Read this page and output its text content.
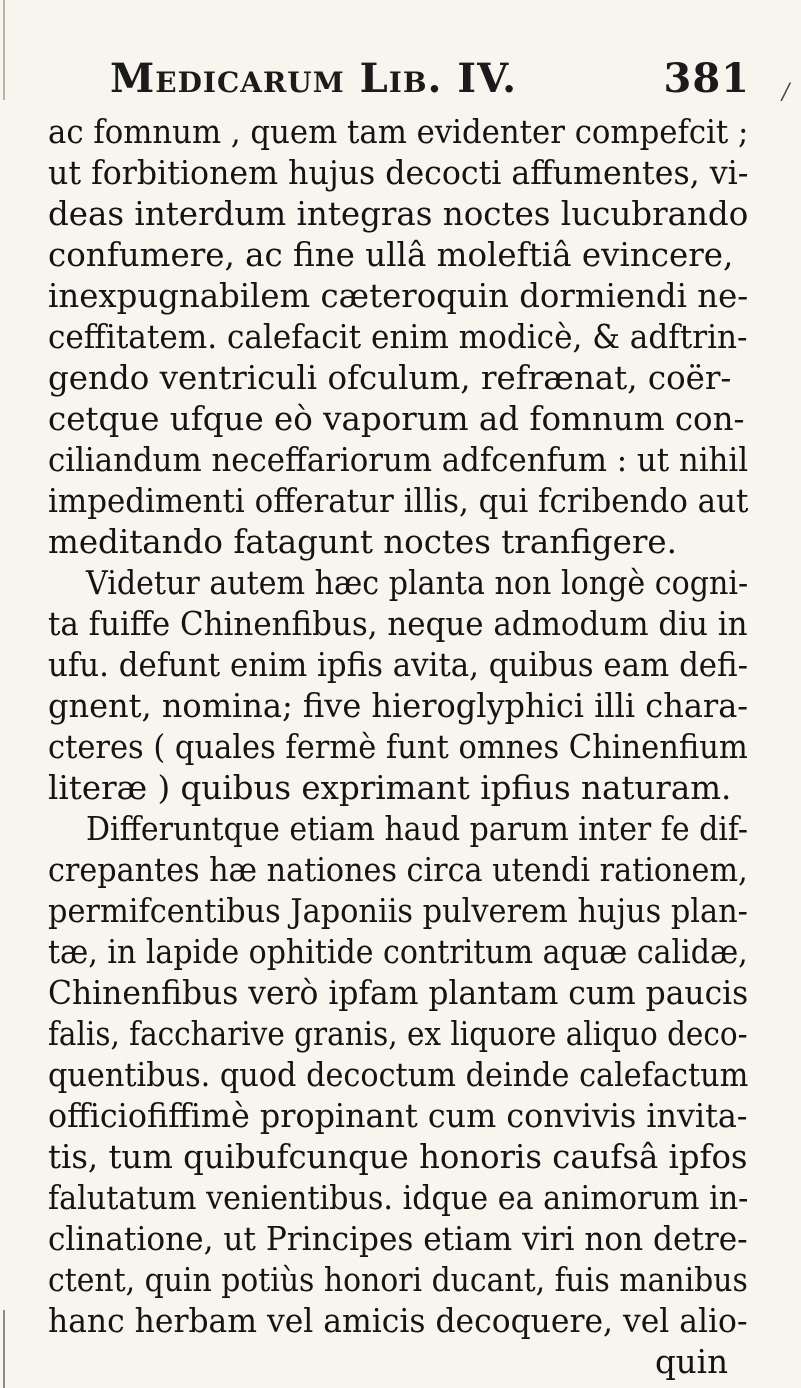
Medicarum Lib. IV.	381
ac fomnum , quem tam evidenter compefcit ;
ut forbitionem hujus decocti affumentes, vi-
deas interdum integras noctes lucubrando
confumere, ac fine ullâ moleftiâ evincere,
inexpugnabilem cæteroquin dormiendi ne-
ceffitatem. calefacit enim modicè, & adftrin-
gendo ventriculi ofculum, refrænat, coër-
cetque ufque eò vaporum ad fomnum con-
ciliandum neceffariorum adfcenfum : ut nihil
impedimenti offeratur illis, qui fcribendo aut
meditando fatagunt noctes tranfigere.
Videtur autem hæc planta non longè cogni-
ta fuiffe Chinenfibus, neque admodum diu in
ufu. defunt enim ipfis avita, quibus eam defi-
gnent, nomina; five hieroglyphici illi chara-
cteres ( quales fermè funt omnes Chinenfium
literæ ) quibus exprimant ipfius naturam.
Differuntque etiam haud parum inter fe dif-
crepantes hæ nationes circa utendi rationem,
permifcentibus Japoniis pulverem hujus plan-
tæ, in lapide ophitide contritum aquæ calidæ,
Chinenfibus verò ipfam plantam cum paucis
falis, faccharive granis, ex liquore aliquo deco-
quentibus. quod decoctum deinde calefactum
officiofiffimè propinant cum convivis invita-
tis, tum quibufcunque honoris caufsâ ipfos
falutatum venientibus. idque ea animorum in-
clinatione, ut Principes etiam viri non detre-
ctent, quin potiùs honori ducant, fuis manibus
hanc herbam vel amicis decoquere, vel alio-
quin
/
